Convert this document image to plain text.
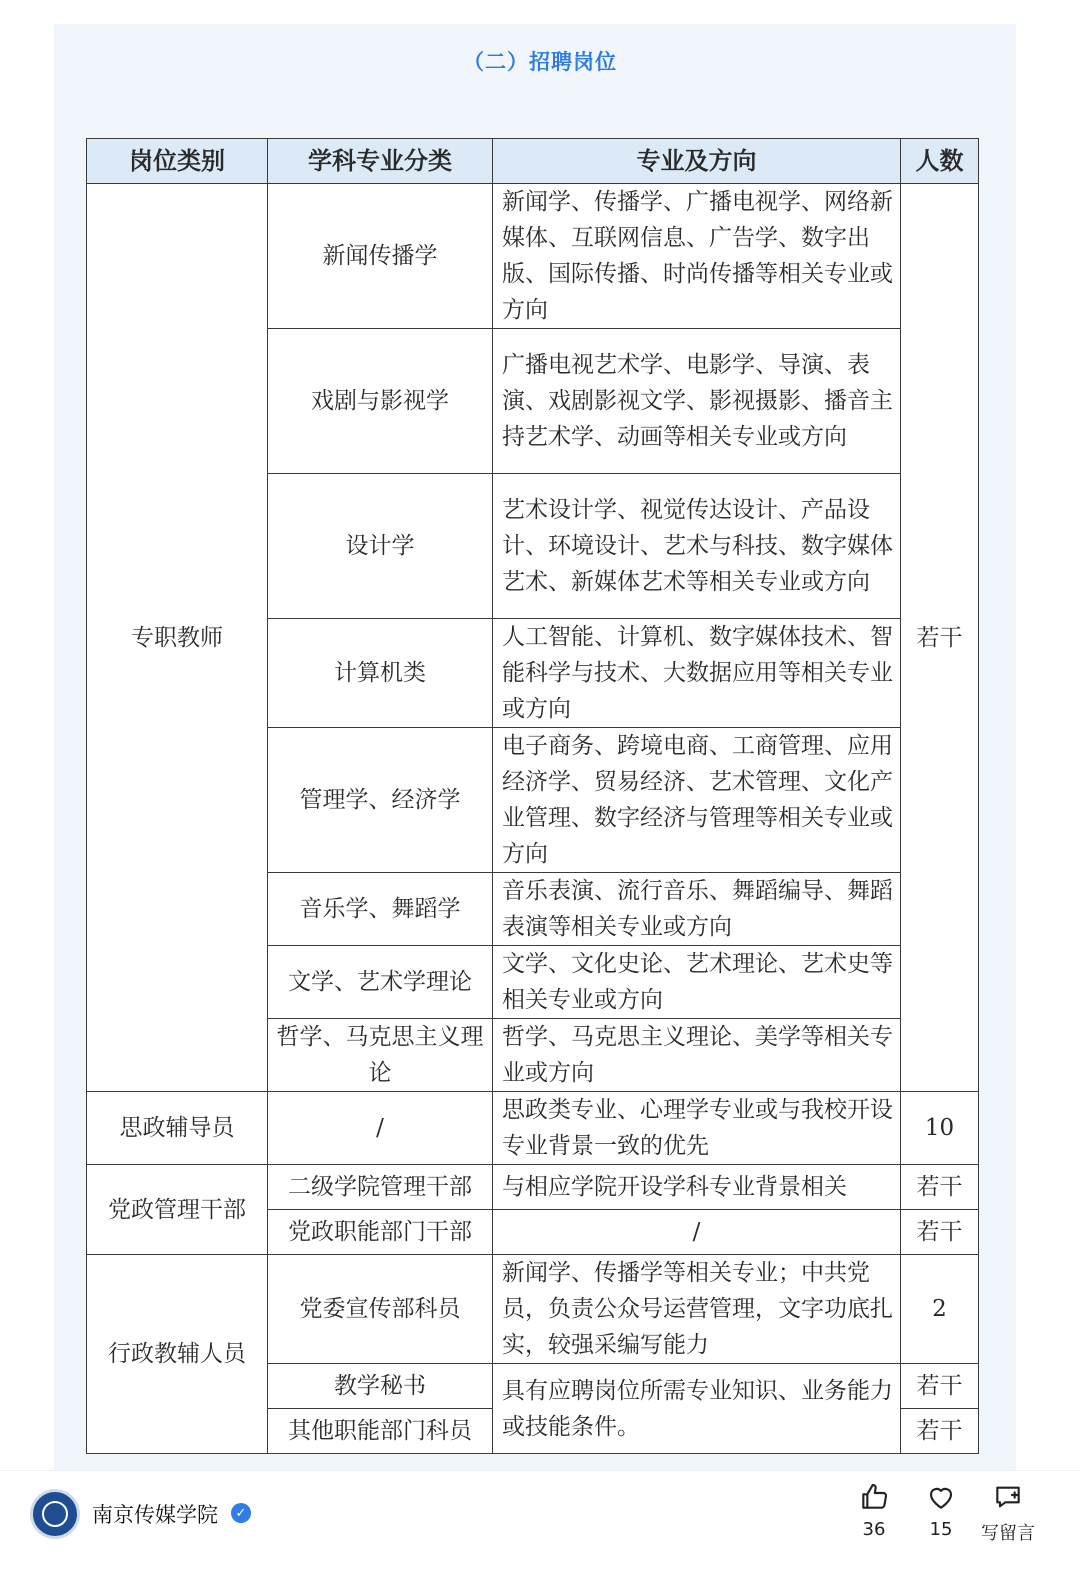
（二）招聘岗位
岗位类别	学科专业分类	专业及方向	人数
专职教师	新闻传播学	新闻学、传播学、广播电视学、网络新媒体、互联网信息、广告学、数字出版、国际传播、时尚传播等相关专业或方向	若干
	戏剧与影视学	广播电视艺术学、电影学、导演、表演、戏剧影视文学、影视摄影、播音主持艺术学、动画等相关专业或方向	
	设计学	艺术设计学、视觉传达设计、产品设计、环境设计、艺术与科技、数字媒体艺术、新媒体艺术等相关专业或方向	
	计算机类	人工智能、计算机、数字媒体技术、智能科学与技术、大数据应用等相关专业或方向	
	管理学、经济学	电子商务、跨境电商、工商管理、应用经济学、贸易经济、艺术管理、文化产业管理、数字经济与管理等相关专业或方向	
	音乐学、舞蹈学	音乐表演、流行音乐、舞蹈编导、舞蹈表演等相关专业或方向	
	文学、艺术学理论	文学、文化史论、艺术理论、艺术史等相关专业或方向	
	哲学、马克思主义理论	哲学、马克思主义理论、美学等相关专业或方向	
思政辅导员	/	思政类专业、心理学专业或与我校开设专业背景一致的优先	10
党政管理干部	二级学院管理干部	与相应学院开设学科专业背景相关	若干
	党政职能部门干部	/	若干
行政教辅人员	党委宣传部科员	新闻学、传播学等相关专业；中共党员，负责公众号运营管理，文字功底扎实，较强采编写能力	2
	教学秘书	具有应聘岗位所需专业知识、业务能力或技能条件。	若干
	其他职能部门科员		若干
南京传媒学院	✓
36	15	写留言
